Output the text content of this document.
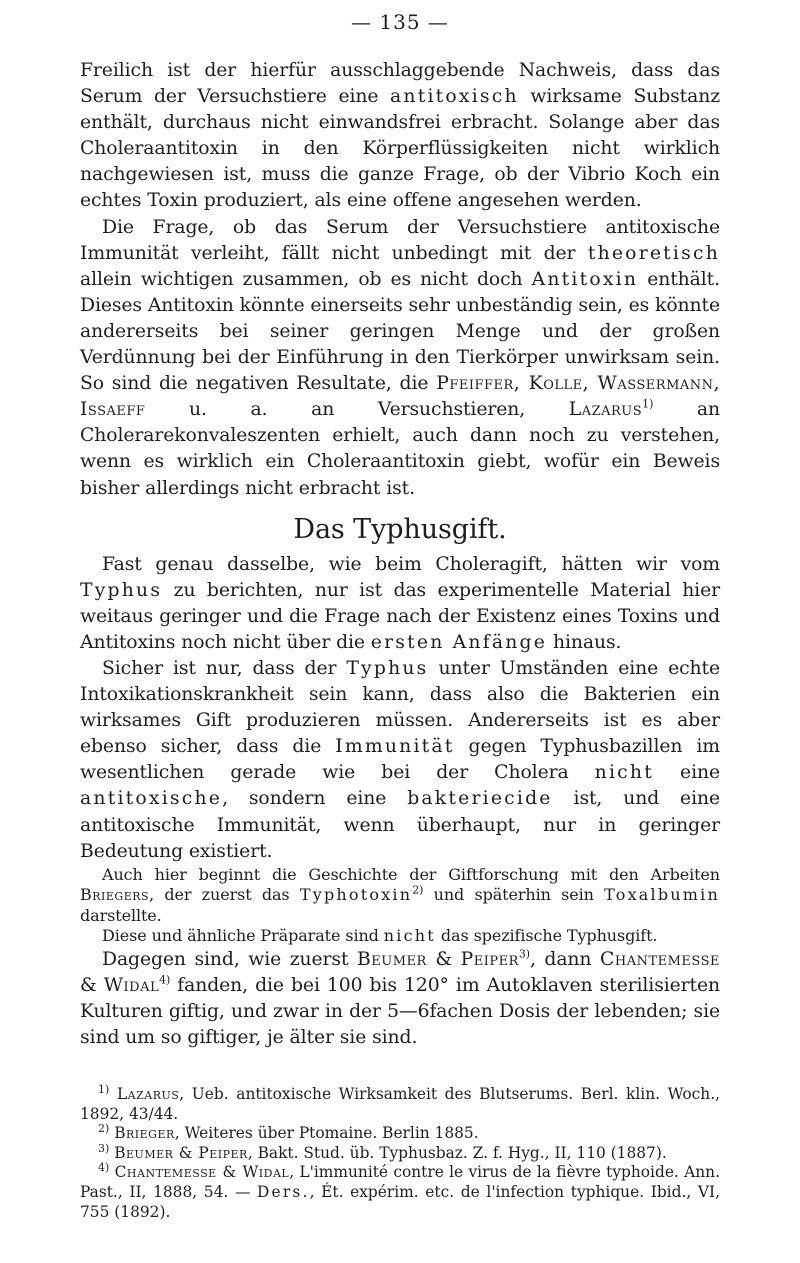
— 135 —

Freilich ist der hierfür ausschlaggebende Nachweis, dass das Serum der Versuchstiere eine antitoxisch wirksame Substanz enthält, durchaus nicht einwandsfrei erbracht. Solange aber das Choleraantitoxin in den Körperflüssigkeiten nicht wirklich nachgewiesen ist, muss die ganze Frage, ob der Vibrio Koch ein echtes Toxin produziert, als eine offene angesehen werden.

Die Frage, ob das Serum der Versuchstiere antitoxische Immunität verleiht, fällt nicht unbedingt mit der theoretisch allein wichtigen zusammen, ob es nicht doch Antitoxin enthält. Dieses Antitoxin könnte einerseits sehr unbeständig sein, es könnte andererseits bei seiner geringen Menge und der großen Verdünnung bei der Einführung in den Tierkörper unwirksam sein. So sind die negativen Resultate, die Pfeiffer, Kolle, Wassermann, Issaeff u. a. an Versuchstieren, Lazarus$^{1)}$ an Cholerarekonvaleszenten erhielt, auch dann noch zu verstehen, wenn es wirklich ein Choleraantitoxin giebt, wofür ein Beweis bisher allerdings nicht erbracht ist.

Das Typhusgift.

Fast genau dasselbe, wie beim Choleragift, hätten wir vom Typhus zu berichten, nur ist das experimentelle Material hier weitaus geringer und die Frage nach der Existenz eines Toxins und Antitoxins noch nicht über die ersten Anfänge hinaus.

Sicher ist nur, dass der Typhus unter Umständen eine echte Intoxikationskrankheit sein kann, dass also die Bakterien ein wirksames Gift produzieren müssen. Andererseits ist es aber ebenso sicher, dass die Immunität gegen Typhusbazillen im wesentlichen gerade wie bei der Cholera nicht eine antitoxische, sondern eine bakteriecide ist, und eine antitoxische Immunität, wenn überhaupt, nur in geringer Bedeutung existiert.

Auch hier beginnt die Geschichte der Giftforschung mit den Arbeiten Briegers, der zuerst das Typhotoxin$^{2)}$ und späterhin sein Toxalbumin darstellte.

Diese und ähnliche Präparate sind nicht das spezifische Typhusgift.

Dagegen sind, wie zuerst Beumer & Peiper$^{3)}$, dann Chantemesse & Widal$^{4)}$ fanden, die bei 100 bis 120° im Autoklaven sterilisierten Kulturen giftig, und zwar in der 5—6fachen Dosis der lebenden; sie sind um so giftiger, je älter sie sind.

$^{1)}$ Lazarus, Ueb. antitoxische Wirksamkeit des Blutserums. Berl. klin. Woch., 1892, 43/44.

$^{2)}$ Brieger, Weiteres über Ptomaine. Berlin 1885.

$^{3)}$ Beumer & Peiper, Bakt. Stud. üb. Typhusbaz. Z. f. Hyg., II, 110 (1887).

$^{4)}$ Chantemesse & Widal, L'immunité contre le virus de la fièvre typhoide. Ann. Past., II, 1888, 54. — Ders., Ét. expérim. etc. de l'infection typhique. Ibid., VI, 755 (1892).
